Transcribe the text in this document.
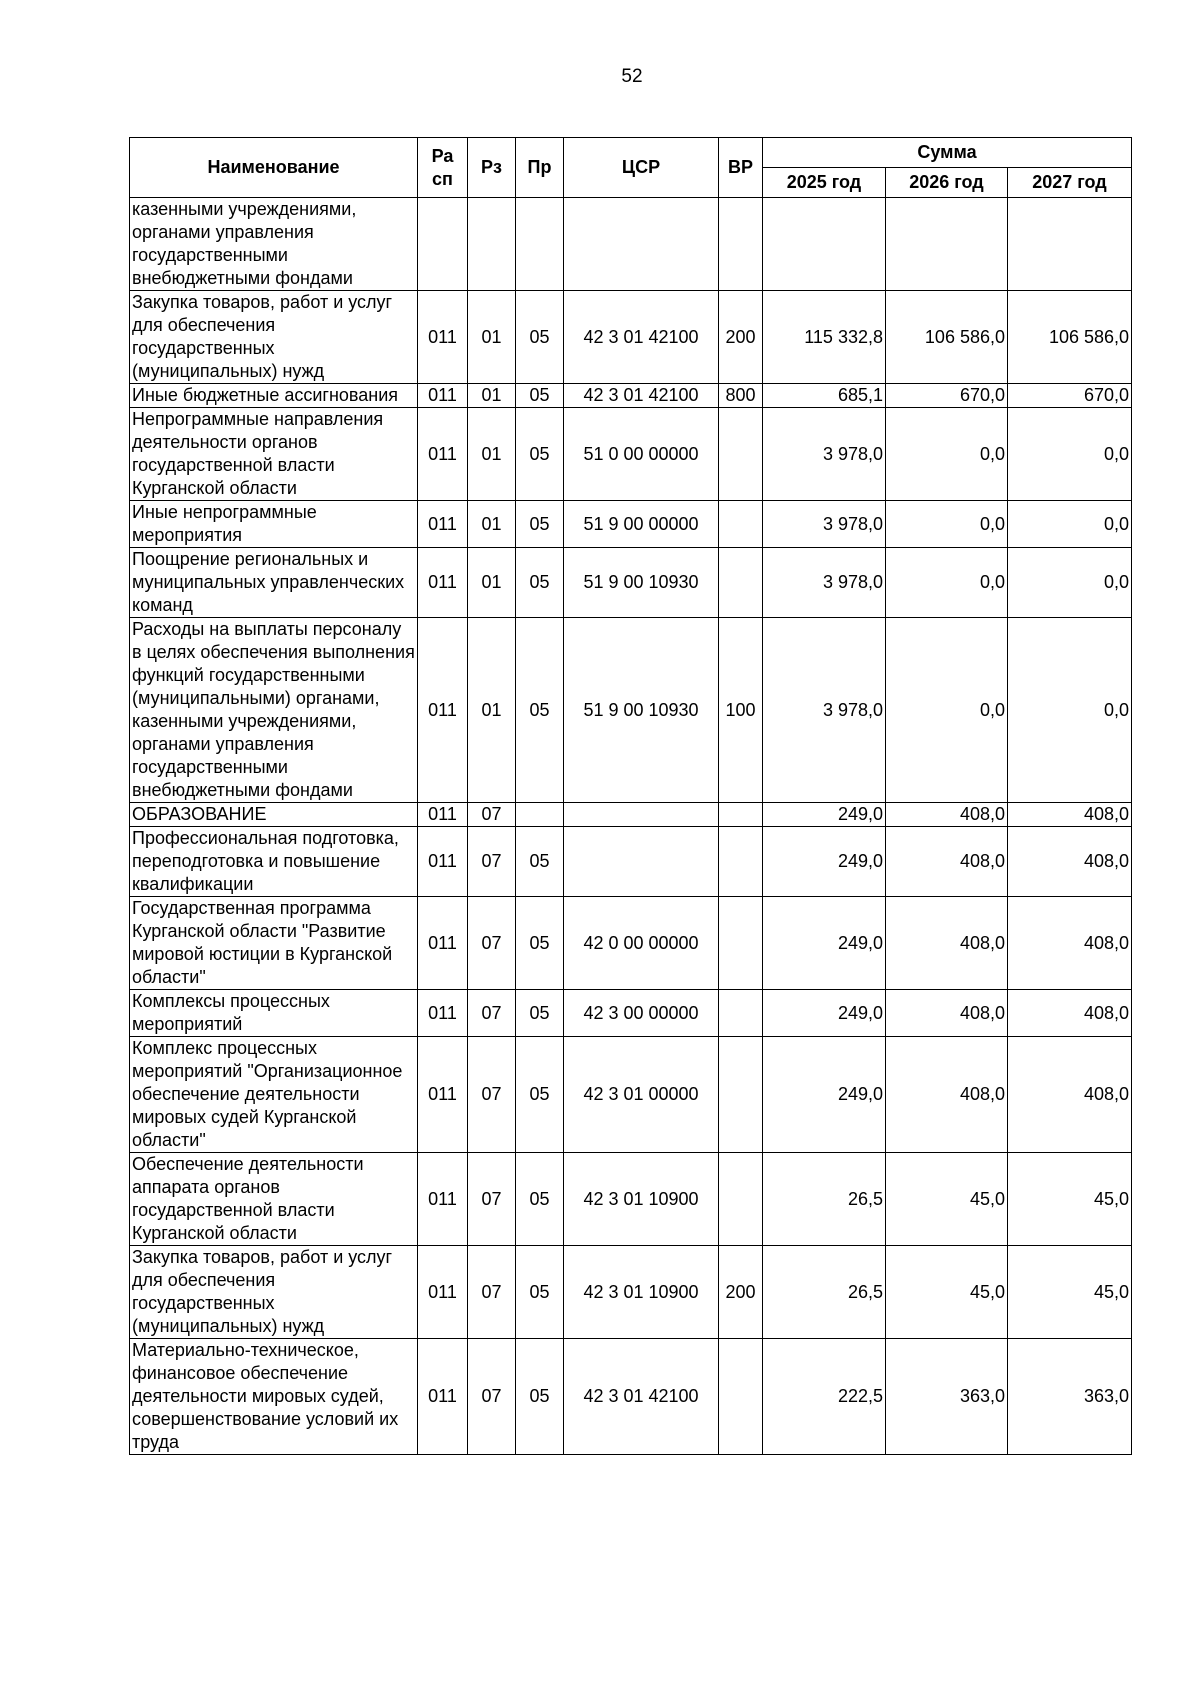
52
Наименование	Ра сп	Рз	Пр	ЦСР	ВР	Сумма		
						2025 год	2026 год	2027 год
казенными учреждениями, органами управления государственными внебюджетными фондами								
Закупка товаров, работ и услуг для обеспечения государственных (муниципальных) нужд	011	01	05	42 3 01 42100	200	115 332,8	106 586,0	106 586,0
Иные бюджетные ассигнования	011	01	05	42 3 01 42100	800	685,1	670,0	670,0
Непрограммные направления деятельности органов государственной власти Курганской области	011	01	05	51 0 00 00000		3 978,0	0,0	0,0
Иные непрограммные мероприятия	011	01	05	51 9 00 00000		3 978,0	0,0	0,0
Поощрение региональных и муниципальных управленческих команд	011	01	05	51 9 00 10930		3 978,0	0,0	0,0
Расходы на выплаты персоналу в целях обеспечения выполнения функций государственными (муниципальными) органами, казенными учреждениями, органами управления государственными внебюджетными фондами	011	01	05	51 9 00 10930	100	3 978,0	0,0	0,0
ОБРАЗОВАНИЕ	011	07				249,0	408,0	408,0
Профессиональная подготовка, переподготовка и повышение квалификации	011	07	05			249,0	408,0	408,0
Государственная программа Курганской области "Развитие мировой юстиции в Курганской области"	011	07	05	42 0 00 00000		249,0	408,0	408,0
Комплексы процессных мероприятий	011	07	05	42 3 00 00000		249,0	408,0	408,0
Комплекс процессных мероприятий "Организационное обеспечение деятельности мировых судей Курганской области"	011	07	05	42 3 01 00000		249,0	408,0	408,0
Обеспечение деятельности аппарата органов государственной власти Курганской области	011	07	05	42 3 01 10900		26,5	45,0	45,0
Закупка товаров, работ и услуг для обеспечения государственных (муниципальных) нужд	011	07	05	42 3 01 10900	200	26,5	45,0	45,0
Материально-техническое, финансовое обеспечение деятельности мировых судей, совершенствование условий их труда	011	07	05	42 3 01 42100		222,5	363,0	363,0
